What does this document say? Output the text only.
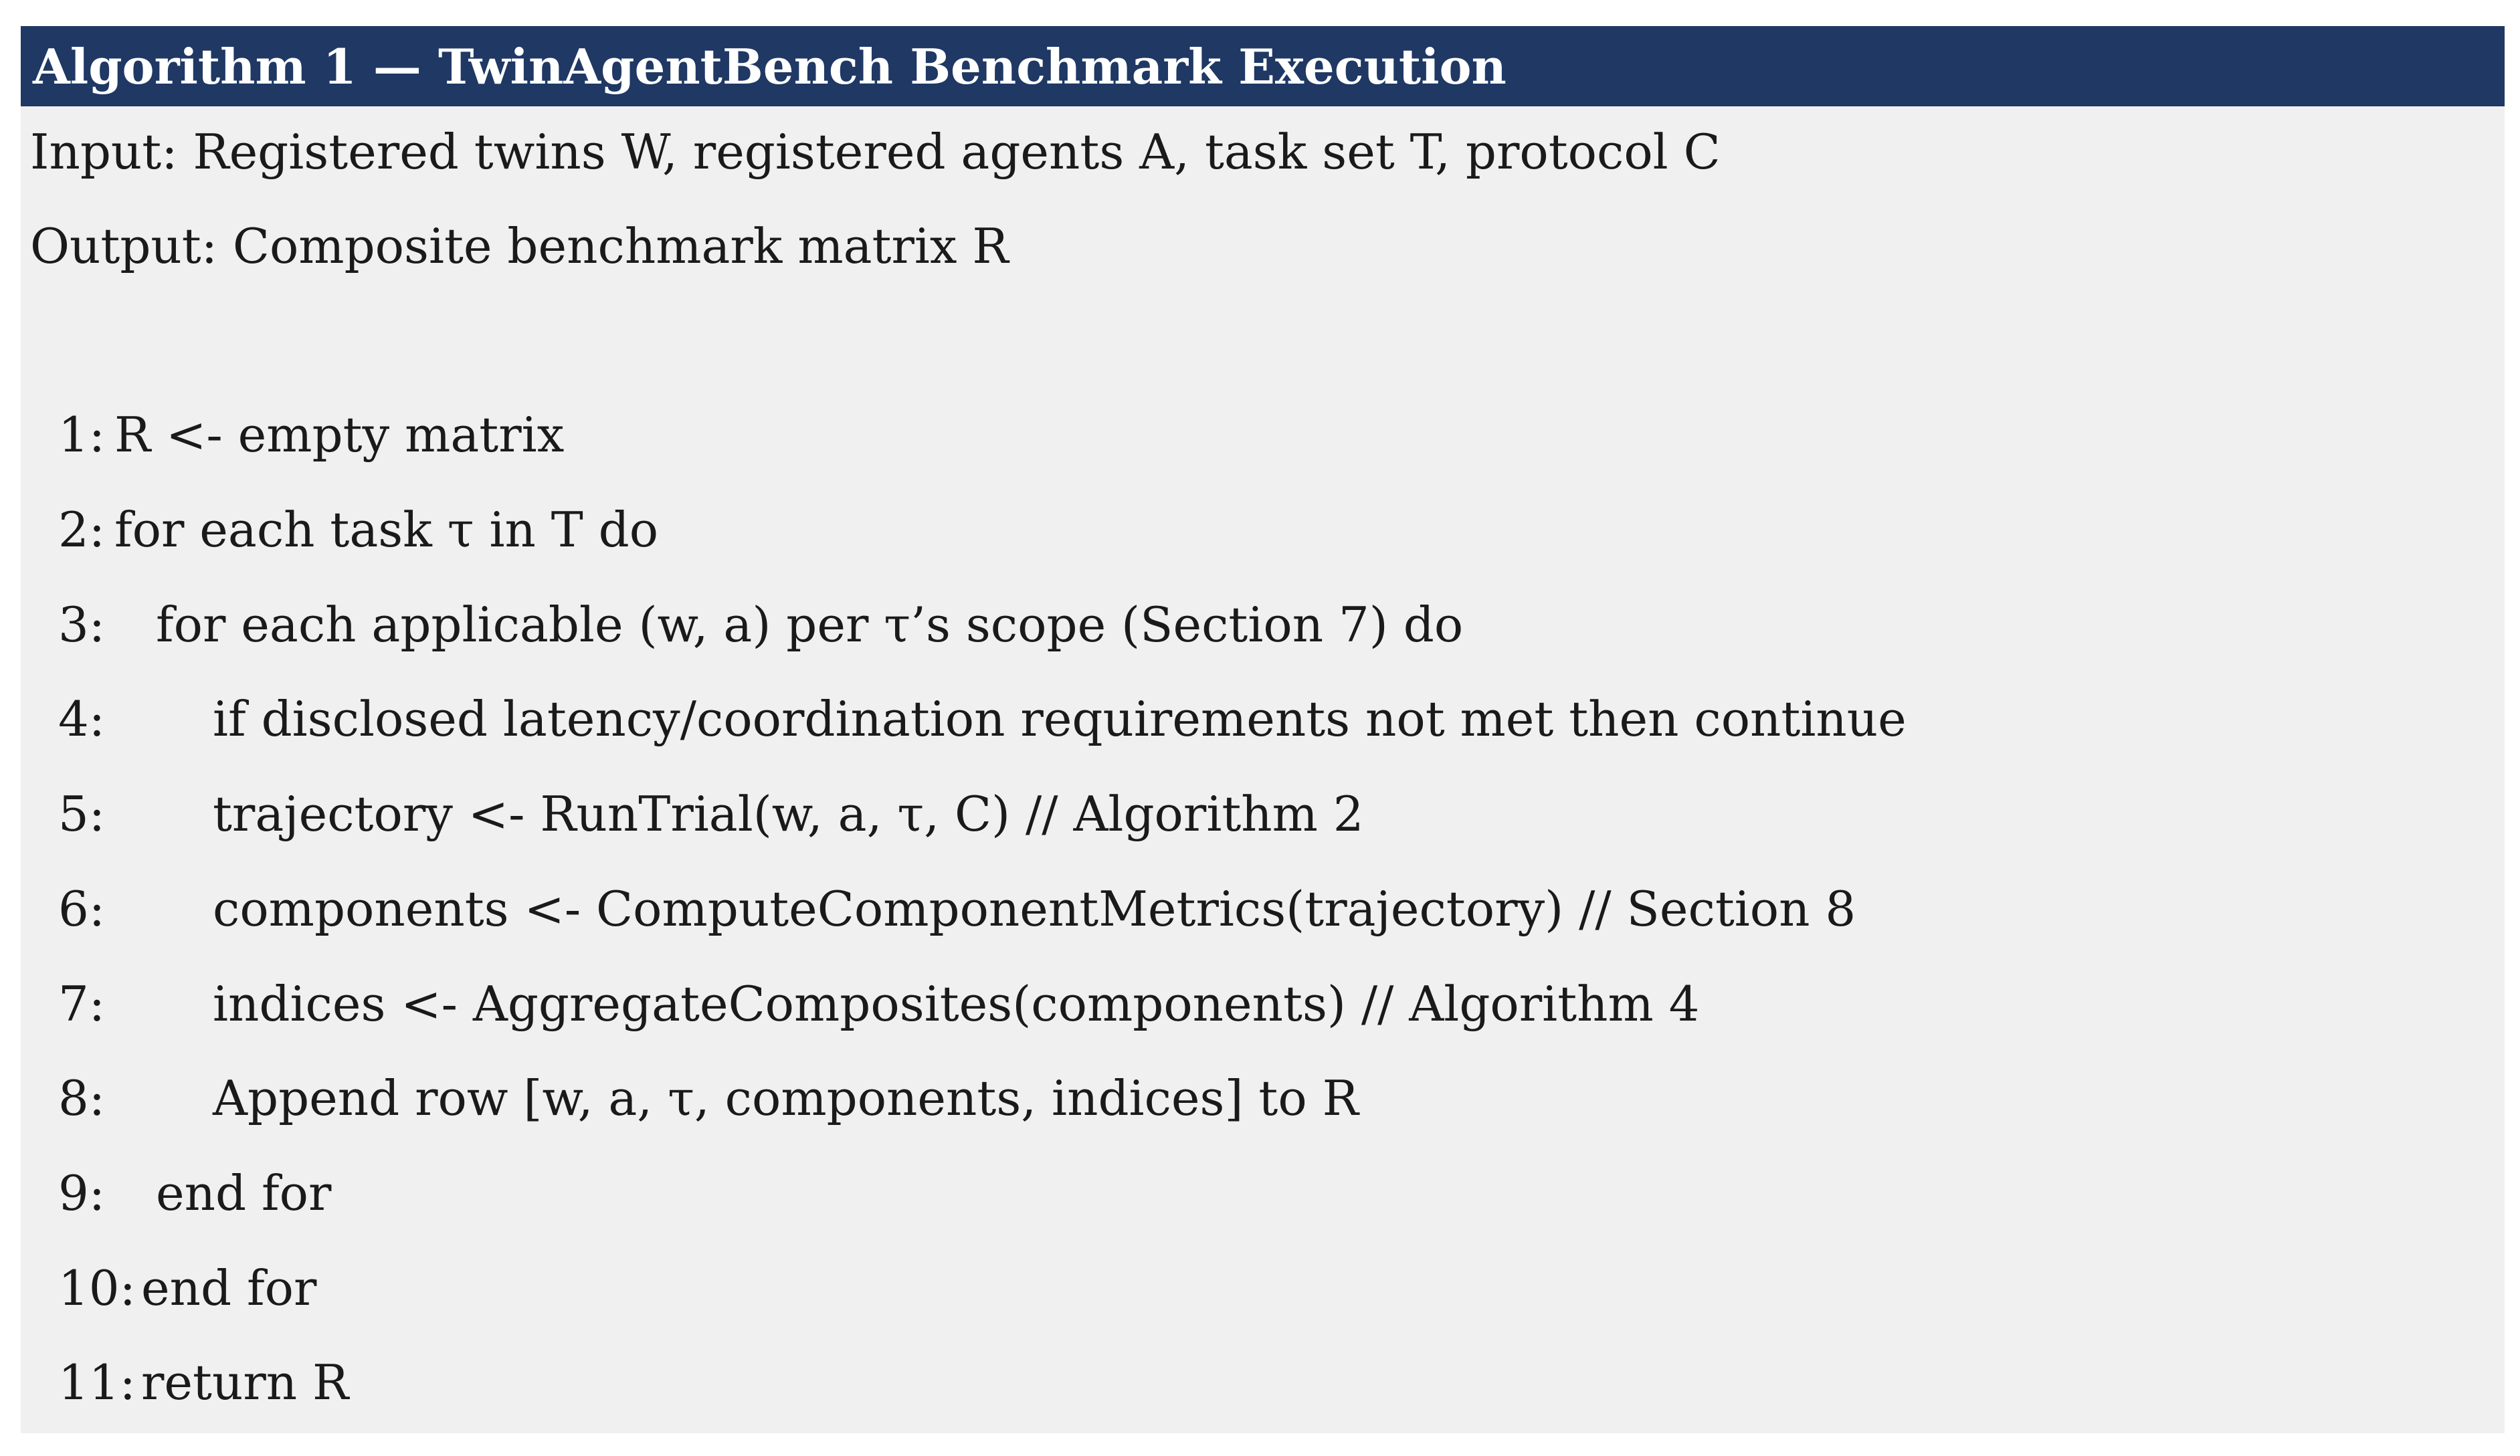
Algorithm 1 — TwinAgentBench Benchmark Execution
Input: Registered twins W, registered agents A, task set T, protocol C
Output: Composite benchmark matrix R
1: R <- empty matrix
2: for each task τ in T do
3:	for each applicable (w, a) per τ’s scope (Section 7) do
4:	if disclosed latency/coordination requirements not met then continue
5:	trajectory <- RunTrial(w, a, τ, C) // Algorithm 2
6:	components <- ComputeComponentMetrics(trajectory) // Section 8
7:	indices <- AggregateComposites(components) // Algorithm 4
8:	Append row [w, a, τ, components, indices] to R
9:	end for
10: end for
11: return R
